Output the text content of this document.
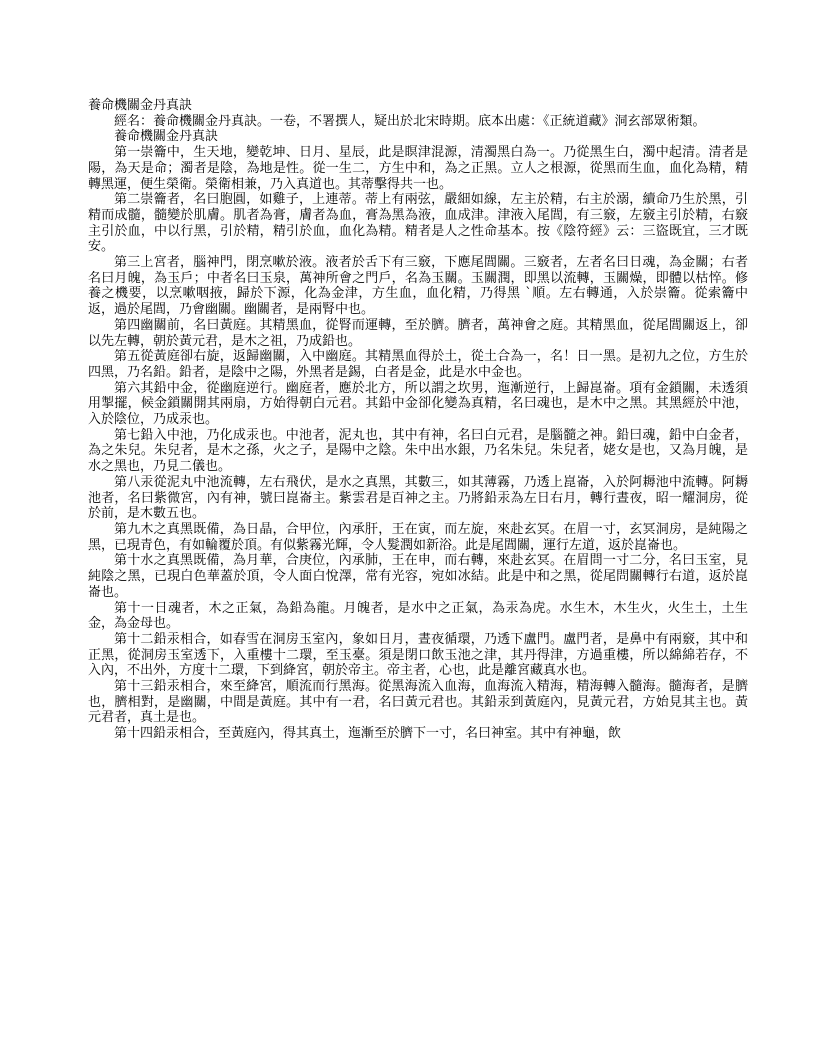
養命機關金丹真訣

經名：養命機關金丹真訣。一卷，不署撰人，疑出於北宋時期。底本出處：《正統道藏》洞玄部眾術類。

養命機關金丹真訣

第一崇籥中，生天地，變乾坤、日月、星辰，此是瞑津混源，清濁黑白為一。乃從黑生白，濁中起清。清者是陽，為天是命；濁者是陰，為地是性。從一生二，方生中和，為之正黑。立人之根源，從黑而生血，血化為精，精轉黑運，便生榮衛。榮衛相兼，乃入真道也。其蒂擊得共一也。

第二崇籥者，名曰胞圓，如雞子，上連蒂。蒂上有兩弦，嚴細如線，左主於精，右主於溺，續命乃生於黑，引精而成髓，髓變於肌膚。肌者為膏，膚者為血，膏為黑為液，血成津。津液入尾閭，有三竅，左竅主引於精，右竅主引於血，中以行黑，引於精，精引於血，血化為精。精者是人之性命基本。按《陰符經》云：三盜既宜，三才既安。

第三上宮者，腦神門，閉烹嗽於液。液者於舌下有三竅，下應尾閭關。三竅者，左者名曰日魂，為金關；右者名曰月魄，為玉戶；中者名曰玉泉，萬神所會之門戶，名為玉關。玉關潤，即黑以流轉，玉關燥，即體以枯悴。修養之機要，以烹嗽咽掖，歸於下源，化為金津，方生血，血化精，乃得黑 ˋ順。左右轉通，入於崇籥。從索籥中返，過於尾閭，乃會幽關。幽關者，是兩腎中也。

第四幽關前，名曰黃庭。其精黑血，從腎而運轉，至於臍。臍者，萬神會之庭。其精黑血，從尾閭關返上，卻以先左轉，朝於黃元君，是木之祖，乃成鉛也。

第五從黃庭卻右旋，返歸幽關，入中幽庭。其精黑血得於土，從土合為一，名！日一黑。是初九之位，方生於四黑，乃名鉛。鉛者，是陰中之陽，外黑者是錫，白者是金，此是水中金也。

第六其鉛中金，從幽庭逆行。幽庭者，應於北方，所以謂之坎男，迤漸逆行，上歸崑崙。項有金鎖關，未透須用掣擺，候金鎖關開其兩扇，方始得朝白元君。其鉛中金卻化變為真精，名曰魂也，是木中之黑。其黑經於中池，入於陰位，乃成汞也。

第七鉛入中池，乃化成汞也。中池者，泥丸也，其中有神，名曰白元君，是腦髓之神。鉛曰魂，鉛中白金者，為之朱兒。朱兒者，是木之孫，火之子，是陽中之陰。朱中出水銀，乃名朱兒。朱兒者，姥女是也，又為月魄，是水之黑也，乃見二儀也。

第八汞從泥丸中池流轉，左右飛伏，是水之真黑，其數三，如其薄霧，乃透上崑崙，入於阿耨池中流轉。阿耨池者，名曰紫微宮，內有神，號曰崑崙主。紫雲君是百神之主。乃將鉛汞為左日右月，轉行晝夜，昭一耀洞房，從於前，是木數五也。

第九木之真黑既備，為日晶，合甲位，內承肝，王在寅，而左旋，來赴玄冥。在眉一寸，玄冥洞房，是純陽之黑，已現青色，有如輪覆於頂。有似紫霧光輝，令人髮潤如新浴。此是尾閭關，運行左道，返於崑崙也。

第十水之真黑既備，為月華，合庚位，內承肺，王在申，而右轉，來赴玄冥。在眉問一寸二分，名曰玉室，見純陰之黑，已現白色華蓋於頂，令人面白悅澤，常有光容，宛如冰結。此是中和之黑，從尾問關轉行右道，返於崑崙也。

第十一日魂者，木之正氣，為鉛為龍。月魄者，是水中之正氣，為汞為虎。水生木，木生火，火生土，土生金，為金母也。

第十二鉛汞相合，如春雪在洞房玉室內，象如日月，晝夜循環，乃透下盧門。盧門者，是鼻中有兩竅，其中和正黑，從洞房玉室透下，入重樓十二環，至玉臺。須是閉口飲玉池之津，其丹得津，方過重樓，所以綿綿若存，不入內，不出外，方度十二環，下到絳宮，朝於帝主。帝主者，心也，此是離宮藏真水也。

第十三鉛汞相合，來至絳宮，順流而行黑海。從黑海流入血海，血海流入精海，精海轉入髓海。髓海者，是臍也，臍相對，是幽關，中間是黃庭。其中有一君，名曰黃元君也。其鉛汞到黃庭內，見黃元君，方始見其主也。黃元君者，真土是也。

第十四鉛汞相合，至黃庭內，得其真土，迤漸至於臍下一寸，名曰神室。其中有神龜，飲
